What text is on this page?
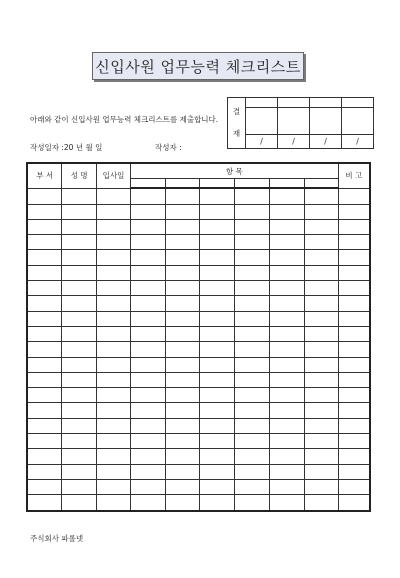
신입사원 업무능력 체크리스트
아래와 같이 신입사원 업무능력 체크리스트를 제출합니다.
작성일자 :20 년 월 일	작성자 :
결
재				

	/	/	/	/
부 서	성 명	입사일	항 목						비 고

주식회사 파롤넷
